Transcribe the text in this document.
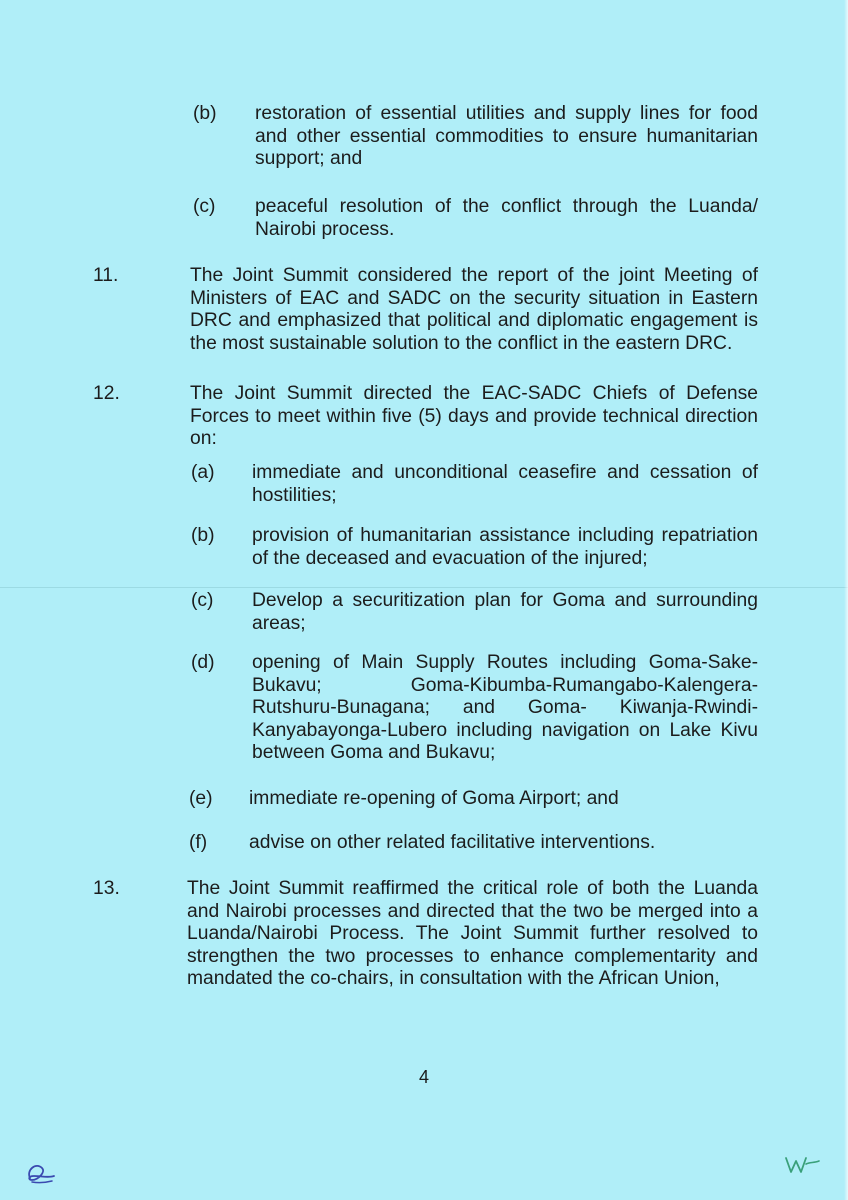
(b) restoration of essential utilities and supply lines for food and other essential commodities to ensure humanitarian support; and
(c) peaceful resolution of the conflict through the Luanda/ Nairobi process.
11.	The Joint Summit considered the report of the joint Meeting of Ministers of EAC and SADC on the security situation in Eastern DRC and emphasized that political and diplomatic engagement is the most sustainable solution to the conflict in the eastern DRC.
12.	The Joint Summit directed the EAC-SADC Chiefs of Defense Forces to meet within five (5) days and provide technical direction on:
(a) immediate and unconditional ceasefire and cessation of hostilities;
(b) provision of humanitarian assistance including repatriation of the deceased and evacuation of the injured;
(c) Develop a securitization plan for Goma and surrounding areas;
(d) opening of Main Supply Routes including Goma-Sake-Bukavu; Goma-Kibumba-Rumangabo-Kalengera-Rutshuru-Bunagana; and Goma- Kiwanja-Rwindi-Kanyabayonga-Lubero including navigation on Lake Kivu between Goma and Bukavu;
(e) immediate re-opening of Goma Airport; and
(f) advise on other related facilitative interventions.
13.	The Joint Summit reaffirmed the critical role of both the Luanda and Nairobi processes and directed that the two be merged into a Luanda/Nairobi Process. The Joint Summit further resolved to strengthen the two processes to enhance complementarity and mandated the co-chairs, in consultation with the African Union,
4
